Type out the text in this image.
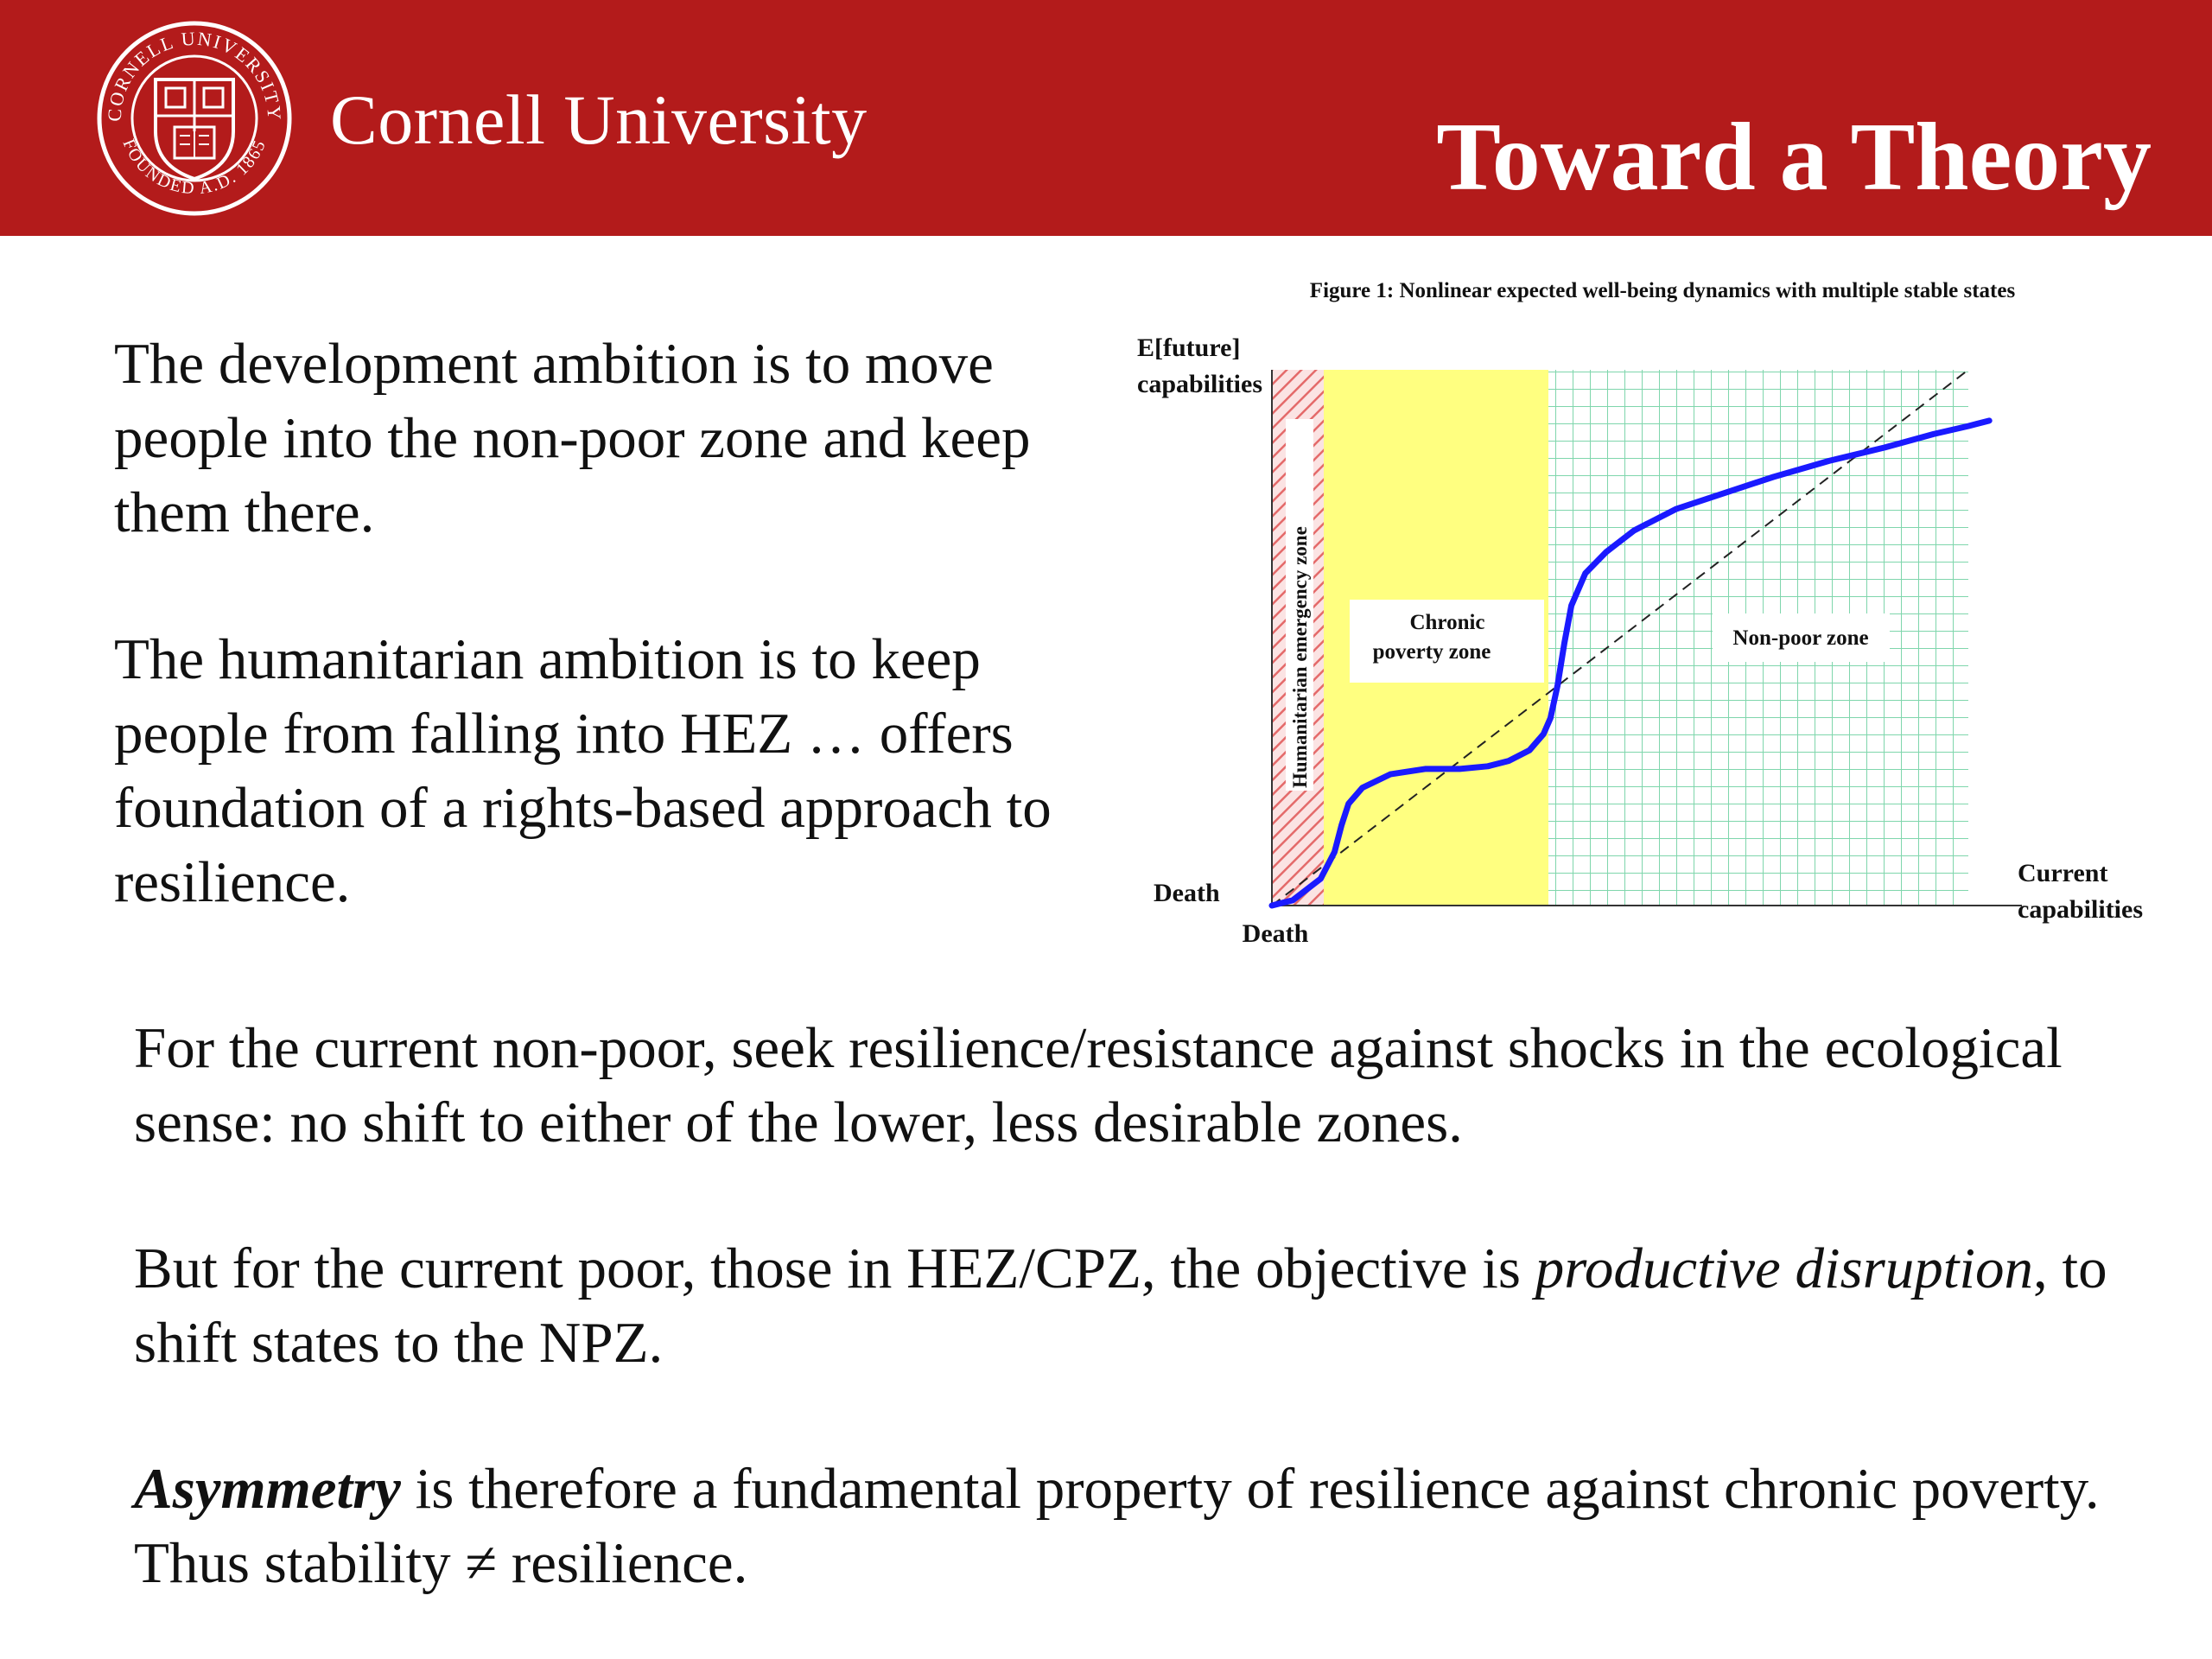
CORNELL UNIVERSITY
FOUNDED A.D. 1865 Cornell University	Toward a Theory
The development ambition is to move people into the non-poor zone and keep them there.
The humanitarian ambition is to keep people from falling into HEZ … offers foundation of a rights-based approach to resilience.
Figure 1: Nonlinear expected well-being dynamics with multiple stable states
Humanitarian emergency zone	Chronic
poverty zone
Non-poor zone
E[future]
capabilities
Current
capabilities
Death
Death
For the current non-poor, seek resilience/resistance against shocks in the ecological sense: no shift to either of the lower, less desirable zones.
But for the current poor, those in HEZ/CPZ, the objective is productive disruption, to shift states to the NPZ.
Asymmetry is therefore a fundamental property of resilience against chronic poverty. Thus stability ≠ resilience.
